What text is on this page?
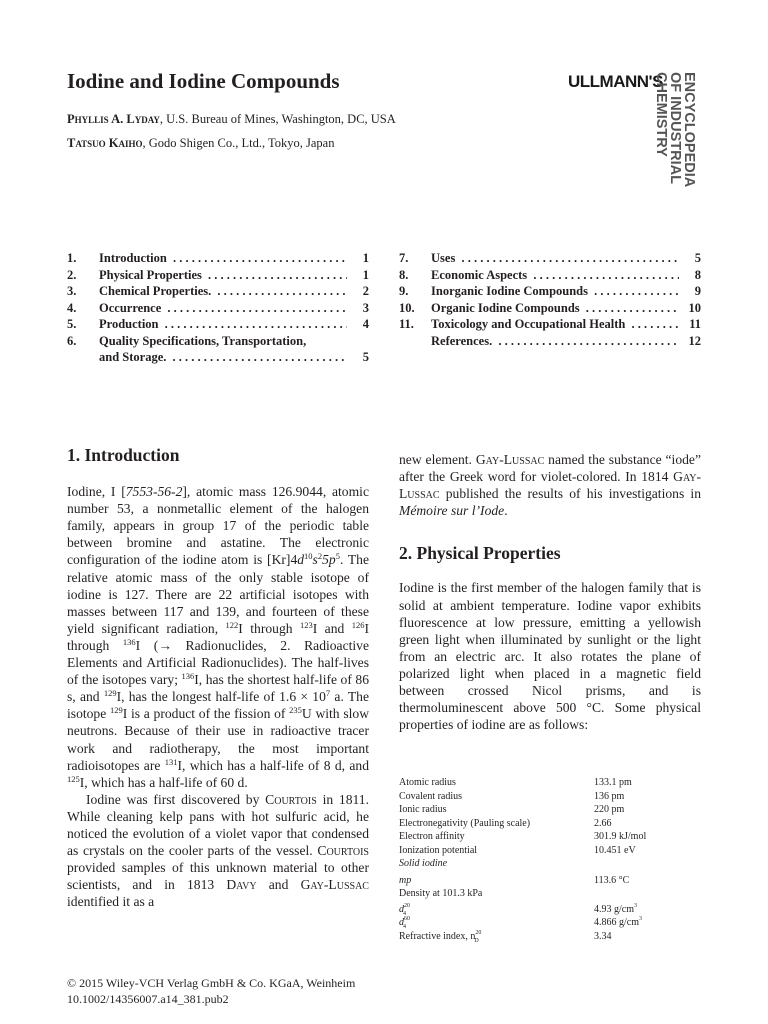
Iodine and Iodine Compounds
Phyllis A. Lyday, U.S. Bureau of Mines, Washington, DC, USA
Tatsuo Kaiho, Godo Shigen Co., Ltd., Tokyo, Japan
ULLMANN'S ENCYCLOPEDIA
OF INDUSTRIAL
CHEMISTRY
1.	Introduction . . .	1
2.	Physical Properties . . .	1
3.	Chemical Properties. . . .	2
4.	Occurrence . . .	3
5.	Production . . .	4
6.	Quality Specifications, Transportation,
and Storage. . . .	5
7.	Uses . . .	5
8.	Economic Aspects . . .	8
9.	Inorganic Iodine Compounds . . .	9
10.	Organic Iodine Compounds . . .	10
11.	Toxicology and Occupational Health . . .	11
References. . . .	12
1. Introduction

Iodine, I [7553-56-2], atomic mass 126.9044, atomic number 53, a nonmetallic element of the halogen family, appears in group 17 of the periodic table between bromine and astatine. The electronic configuration of the iodine atom is $[Kr]4d^{10}s^25p^5$. The relative atomic mass of the only stable isotope of iodine is 127. There are 22 artificial isotopes with masses between 117 and 139, and fourteen of these yield significant radiation, $^{122}$I through $^{123}$I and $^{126}$I through $^{136}$I (→ Radionuclides, 2. Radioactive Elements and Artificial Radionuclides). The half-lives of the isotopes vary; $^{136}$I, has the shortest half-life of 86 s, and $^{129}$I, has the longest half-life of $1.6 \times 10^7$ a. The isotope $^{129}$I is a product of the fission of $^{235}$U with slow neutrons. Because of their use in radioactive tracer work and radiotherapy, the most important radioisotopes are $^{131}$I, which has a half-life of 8 d, and $^{125}$I, which has a half-life of 60 d.

Iodine was first discovered by Courtois in 1811. While cleaning kelp pans with hot sulfuric acid, he noticed the evolution of a violet vapor that condensed as crystals on the cooler parts of the vessel. Courtois provided samples of this unknown material to other scientists, and in 1813 Davy and Gay-Lussac identified it as a

new element. Gay-Lussac named the substance “iode” after the Greek word for violet-colored. In 1814 Gay-Lussac published the results of his investigations in Mémoire sur l’Iode.

2. Physical Properties

Iodine is the first member of the halogen family that is solid at ambient temperature. Iodine vapor exhibits fluorescence at low pressure, emitting a yellowish green light when illuminated by sunlight or the light from an electric arc. It also rotates the plane of polarized light when placed in a magnetic field between crossed Nicol prisms, and is thermoluminescent above 500 °C. Some physical properties of iodine are as follows:

Atomic radius	133.1 pm
Covalent radius	136 pm
Ionic radius	220 pm
Electronegativity (Pauling scale)	2.66
Electron affinity	301.9 kJ/mol
Ionization potential	10.451 eV
Solid iodine
mp	113.6 °C
Density at 101.3 kPa
$d^{20}_4$	4.93 $g/cm^3$
$d^{60}_4$	4.866 $g/cm^3$
Refractive index, $n^{20}_D$	3.34
© 2015 Wiley-VCH Verlag GmbH & Co. KGaA, Weinheim
10.1002/14356007.a14_381.pub2
